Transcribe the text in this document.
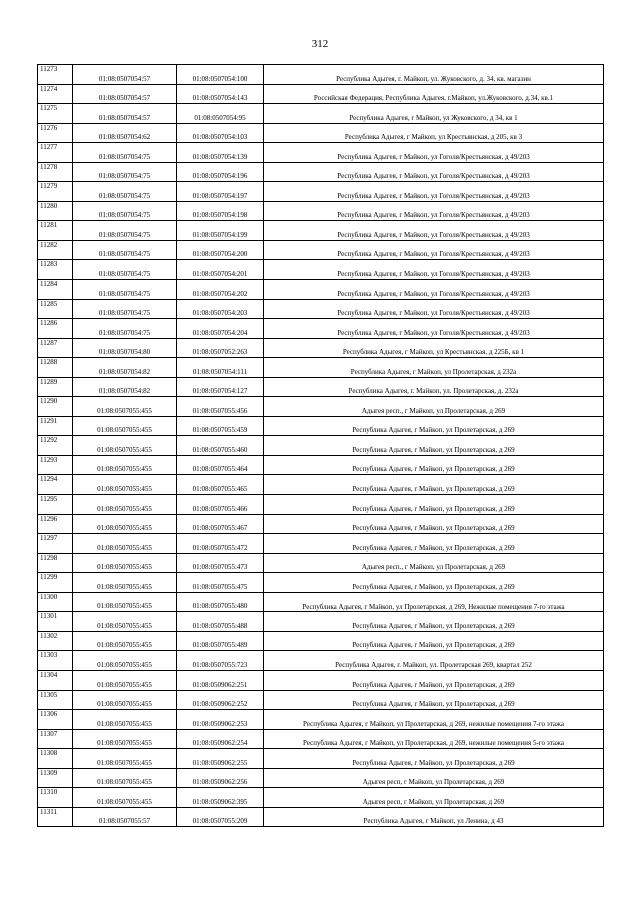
312
11273	01:08:0507054:57	01:08:0507054:100	Республика Адыгея, г. Майкоп, ул. Жуковского, д. 34, кв. магазин
11274	01:08:0507054:57	01:08:0507054:143	Российская Федерация, Республика Адыгея, г.Майкоп, ул.Жуковского, д.34, кв.1
11275	01:08:0507054:57	01:08:0507054:95	Республика Адыгея, г Майкоп, ул Жуковского, д 34, кв 1
11276	01:08:0507054:62	01:08:0507054:103	Республика Адыгея, г Майкоп, ул Крестьянская, д 205, кв 3
11277	01:08:0507054:75	01:08:0507054:139	Республика Адыгея, г Майкоп, ул Гоголя/Крестьянская, д 49/203
11278	01:08:0507054:75	01:08:0507054:196	Республика Адыгея, г Майкоп, ул Гоголя/Крестьянская, д 49/203
11279	01:08:0507054:75	01:08:0507054:197	Республика Адыгея, г Майкоп, ул Гоголя/Крестьянская, д 49/203
11280	01:08:0507054:75	01:08:0507054:198	Республика Адыгея, г Майкоп, ул Гоголя/Крестьянская, д 49/203
11281	01:08:0507054:75	01:08:0507054:199	Республика Адыгея, г Майкоп, ул Гоголя/Крестьянская, д 49/203
11282	01:08:0507054:75	01:08:0507054:200	Республика Адыгея, г Майкоп, ул Гоголя/Крестьянская, д 49/203
11283	01:08:0507054:75	01:08:0507054:201	Республика Адыгея, г Майкоп, ул Гоголя/Крестьянская, д 49/203
11284	01:08:0507054:75	01:08:0507054:202	Республика Адыгея, г Майкоп, ул Гоголя/Крестьянская, д 49/203
11285	01:08:0507054:75	01:08:0507054:203	Республика Адыгея, г Майкоп, ул Гоголя/Крестьянская, д 49/203
11286	01:08:0507054:75	01:08:0507054:204	Республика Адыгея, г Майкоп, ул Гоголя/Крестьянская, д 49/203
11287	01:08:0507054:80	01:08:0507052:263	Республика Адыгея, г Майкоп, ул Крестьянская, д 225Б, кв 1
11288	01:08:0507054:82	01:08:0507054:111	Республика Адыгея, г Майкоп, ул Пролетарская, д 232а
11289	01:08:0507054:82	01:08:0507054:127	Республика Адыгея, г. Майкоп, ул. Пролетарская, д. 232а
11290	01:08:0507055:455	01:08:0507055:456	Адыгея респ., г Майкоп, ул Пролетарская, д 269
11291	01:08:0507055:455	01:08:0507055:459	Республика Адыгея, г Майкоп, ул Пролетарская, д 269
11292	01:08:0507055:455	01:08:0507055:460	Республика Адыгея, г Майкоп, ул Пролетарская, д 269
11293	01:08:0507055:455	01:08:0507055:464	Республика Адыгея, г Майкоп, ул Пролетарская, д 269
11294	01:08:0507055:455	01:08:0507055:465	Республика Адыгея, г Майкоп, ул Пролетарская, д 269
11295	01:08:0507055:455	01:08:0507055:466	Республика Адыгея, г Майкоп, ул Пролетарская, д 269
11296	01:08:0507055:455	01:08:0507055:467	Республика Адыгея, г Майкоп, ул Пролетарская, д 269
11297	01:08:0507055:455	01:08:0507055:472	Республика Адыгея, г Майкоп, ул Пролетарская, д 269
11298	01:08:0507055:455	01:08:0507055:473	Адыгея респ., г Майкоп, ул Пролетарская, д 269
11299	01:08:0507055:455	01:08:0507055:475	Республика Адыгея, г Майкоп, ул Пролетарская, д 269
11300	01:08:0507055:455	01:08:0507055:480	Республика Адыгея, г Майкоп, ул Пролетарская, д 269, Нежилые помещения 7-го этажа
11301	01:08:0507055:455	01:08:0507055:488	Республика Адыгея, г Майкоп, ул Пролетарская, д 269
11302	01:08:0507055:455	01:08:0507055:489	Республика Адыгея, г Майкоп, ул Пролетарская, д 269
11303	01:08:0507055:455	01:08:0507055:723	Республика Адыгея, г. Майкоп, ул. Пролетарская 269, квартал 252
11304	01:08:0507055:455	01:08:0509062:251	Республика Адыгея, г Майкоп, ул Пролетарская, д 269
11305	01:08:0507055:455	01:08:0509062:252	Республика Адыгея, г Майкоп, ул Пролетарская, д 269
11306	01:08:0507055:455	01:08:0509062:253	Республика Адыгея, г Майкоп, ул Пролетарская, д 269, нежилые помещения 7-го этажа
11307	01:08:0507055:455	01:08:0509062:254	Республика Адыгея, г Майкоп, ул Пролетарская, д 269, нежилые помещения 5-го этажа
11308	01:08:0507055:455	01:08:0509062:255	Республика Адыгея, г Майкоп, ул Пролетарская, д 269
11309	01:08:0507055:455	01:08:0509062:256	Адыгея респ, г Майкоп, ул Пролетарская, д 269
11310	01:08:0507055:455	01:08:0509062:395	Адыгея респ, г Майкоп, ул Пролетарская, д 269
11311	01:08:0507055:57	01:08:0507055:209	Республика Адыгея, г Майкоп, ул Ленина, д 43
